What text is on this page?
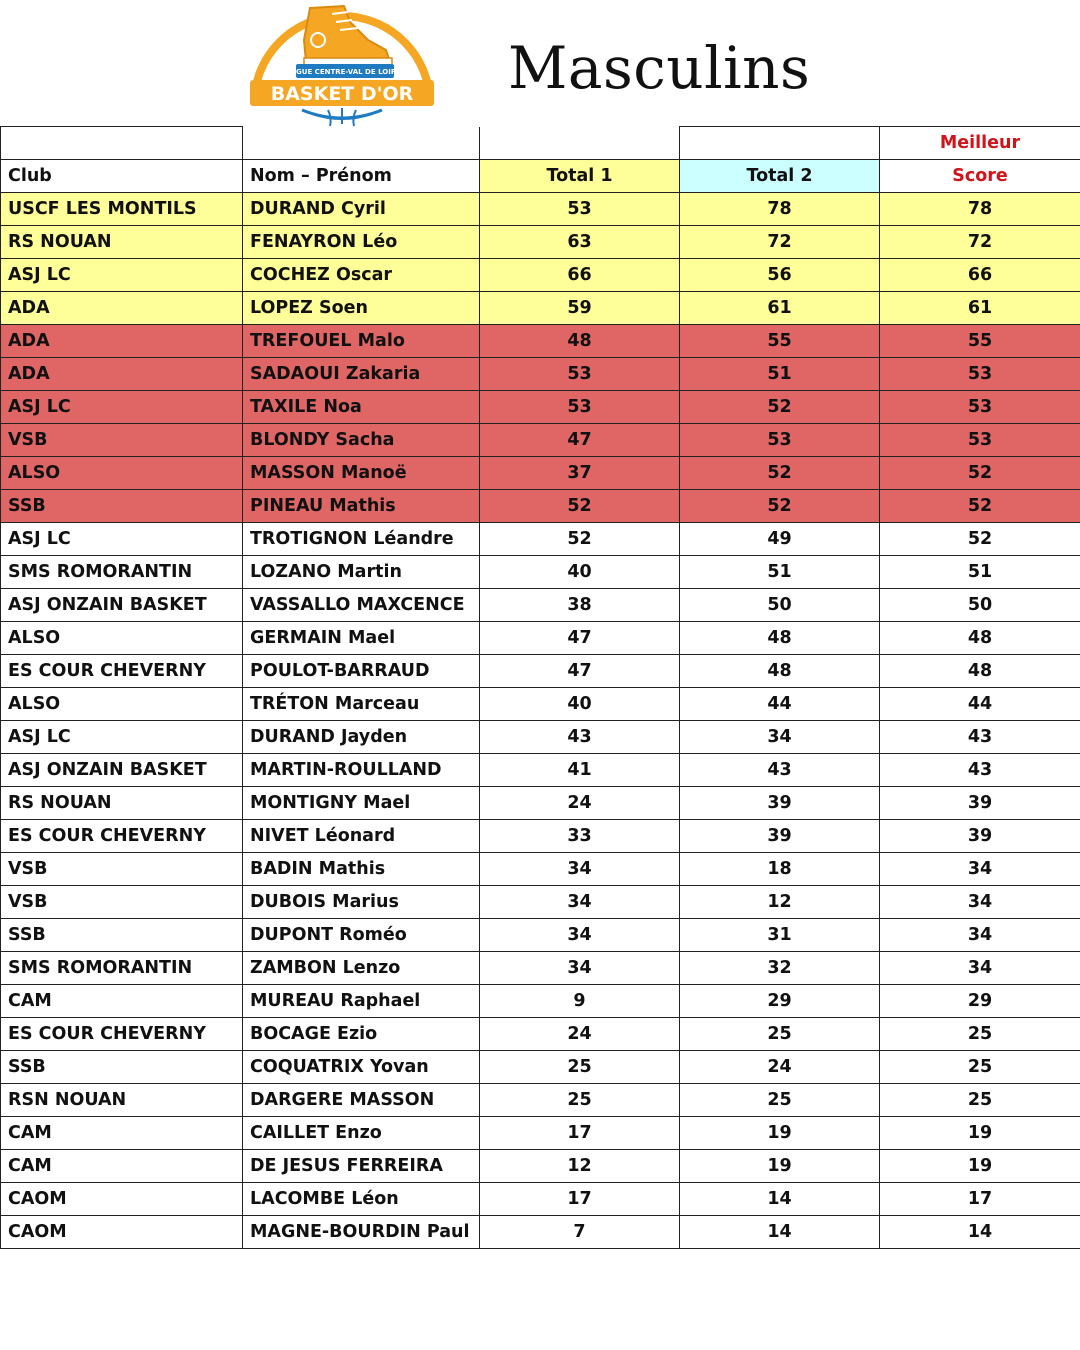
LIGUE CENTRE-VAL DE LOIRE
BASKET D'OR Masculins
				Meilleur
Club	Nom – Prénom	Total 1	Total 2	Score
USCF LES MONTILS	DURAND Cyril	53	78	78
RS NOUAN	FENAYRON Léo	63	72	72
ASJ LC	COCHEZ Oscar	66	56	66
ADA	LOPEZ Soen	59	61	61
ADA	TREFOUEL Malo	48	55	55
ADA	SADAOUI Zakaria	53	51	53
ASJ LC	TAXILE Noa	53	52	53
VSB	BLONDY Sacha	47	53	53
ALSO	MASSON Manoë	37	52	52
SSB	PINEAU Mathis	52	52	52
ASJ LC	TROTIGNON Léandre	52	49	52
SMS ROMORANTIN	LOZANO Martin	40	51	51
ASJ ONZAIN BASKET	VASSALLO MAXCENCE	38	50	50
ALSO	GERMAIN Mael	47	48	48
ES COUR CHEVERNY	POULOT-BARRAUD	47	48	48
ALSO	TRÉTON Marceau	40	44	44
ASJ LC	DURAND Jayden	43	34	43
ASJ ONZAIN BASKET	MARTIN-ROULLAND	41	43	43
RS NOUAN	MONTIGNY Mael	24	39	39
ES COUR CHEVERNY	NIVET Léonard	33	39	39
VSB	BADIN Mathis	34	18	34
VSB	DUBOIS Marius	34	12	34
SSB	DUPONT Roméo	34	31	34
SMS ROMORANTIN	ZAMBON Lenzo	34	32	34
CAM	MUREAU Raphael	9	29	29
ES COUR CHEVERNY	BOCAGE Ezio	24	25	25
SSB	COQUATRIX Yovan	25	24	25
RSN NOUAN	DARGERE MASSON	25	25	25
CAM	CAILLET Enzo	17	19	19
CAM	DE JESUS FERREIRA	12	19	19
CAOM	LACOMBE Léon	17	14	17
CAOM	MAGNE-BOURDIN Paul	7	14	14
